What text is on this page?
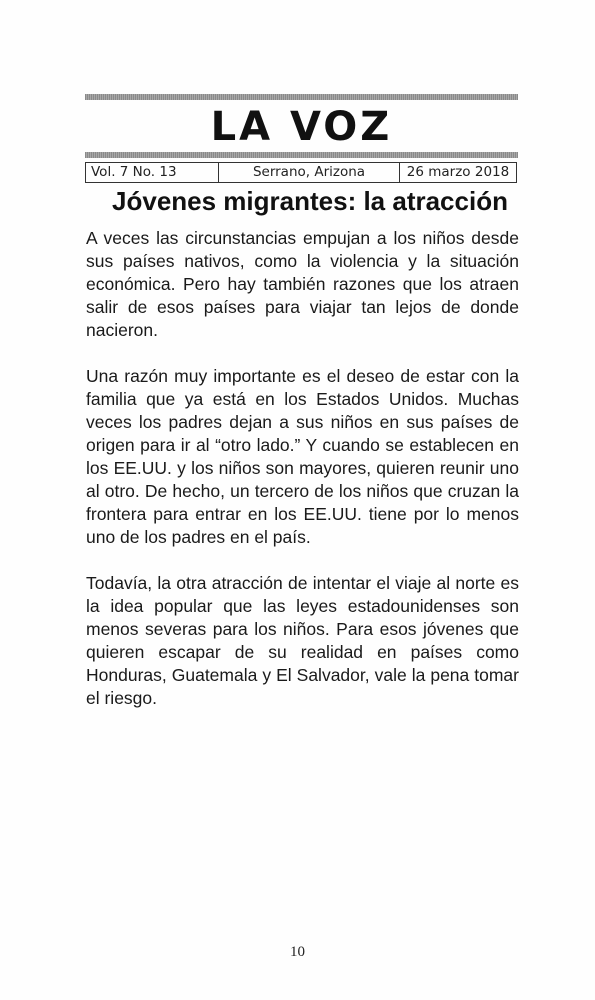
LA VOZ
Vol. 7 No. 13	Serrano, Arizona	26 marzo 2018
Jóvenes migrantes: la atracción

A veces las circunstancias empujan a los niños desde sus países nativos, como la violencia y la situación económica. Pero hay también razones que los atraen salir de esos países para viajar tan lejos de donde nacieron.

Una razón muy importante es el deseo de estar con la familia que ya está en los Estados Unidos. Muchas veces los padres dejan a sus niños en sus países de origen para ir al “otro lado.” Y cuando se establecen en los EE.UU. y los niños son mayores, quieren reunir uno al otro. De hecho, un tercero de los niños que cruzan la frontera para entrar en los EE.UU. tiene por lo menos uno de los padres en el país.

Todavía, la otra atracción de intentar el viaje al norte es la idea popular que las leyes estadounidenses son menos severas para los niños. Para esos jóvenes que quieren escapar de su realidad en países como Honduras, Guatemala y El Salvador, vale la pena tomar el riesgo.

10
